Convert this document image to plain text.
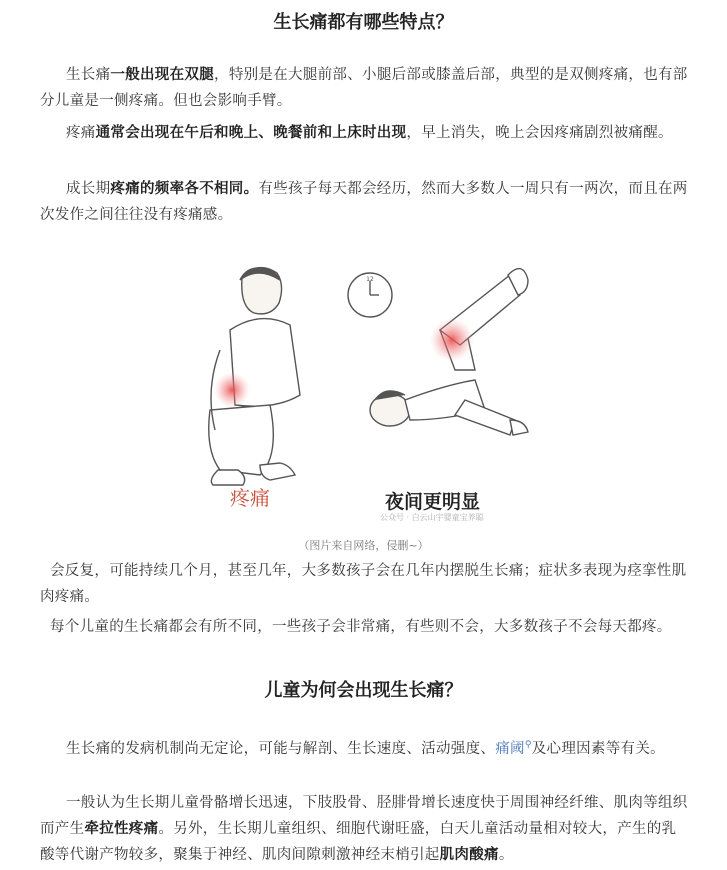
生长痛都有哪些特点？
生长痛一般出现在双腿，特别是在大腿前部、小腿后部或膝盖后部，典型的是双侧疼痛，也有部分儿童是一侧疼痛。但也会影响手臂。
疼痛通常会出现在午后和晚上、晚餐前和上床时出现，早上消失，晚上会因疼痛剧烈被痛醒。
成长期疼痛的频率各不相同。有些孩子每天都会经历，然而大多数人一周只有一两次，而且在两次发作之间往往没有疼痛感。
12
疼痛	夜间更明显
公众号 · 白云山宇婴童宝养聪
（图片来自网络，侵删~）
会反复，可能持续几个月，甚至几年，大多数孩子会在几年内摆脱生长痛；症状多表现为痉挛性肌肉疼痛。
每个儿童的生长痛都会有所不同，一些孩子会非常痛，有些则不会，大多数孩子不会每天都疼。
儿童为何会出现生长痛？
生长痛的发病机制尚无定论，可能与解剖、生长速度、活动强度、痛阈⚲及心理因素等有关。
一般认为生长期儿童骨骼增长迅速，下肢股骨、胫腓骨增长速度快于周围神经纤维、肌肉等组织而产生牵拉性疼痛。另外，生长期儿童组织、细胞代谢旺盛，白天儿童活动量相对较大，产生的乳酸等代谢产物较多，聚集于神经、肌肉间隙刺激神经末梢引起肌肉酸痛。
